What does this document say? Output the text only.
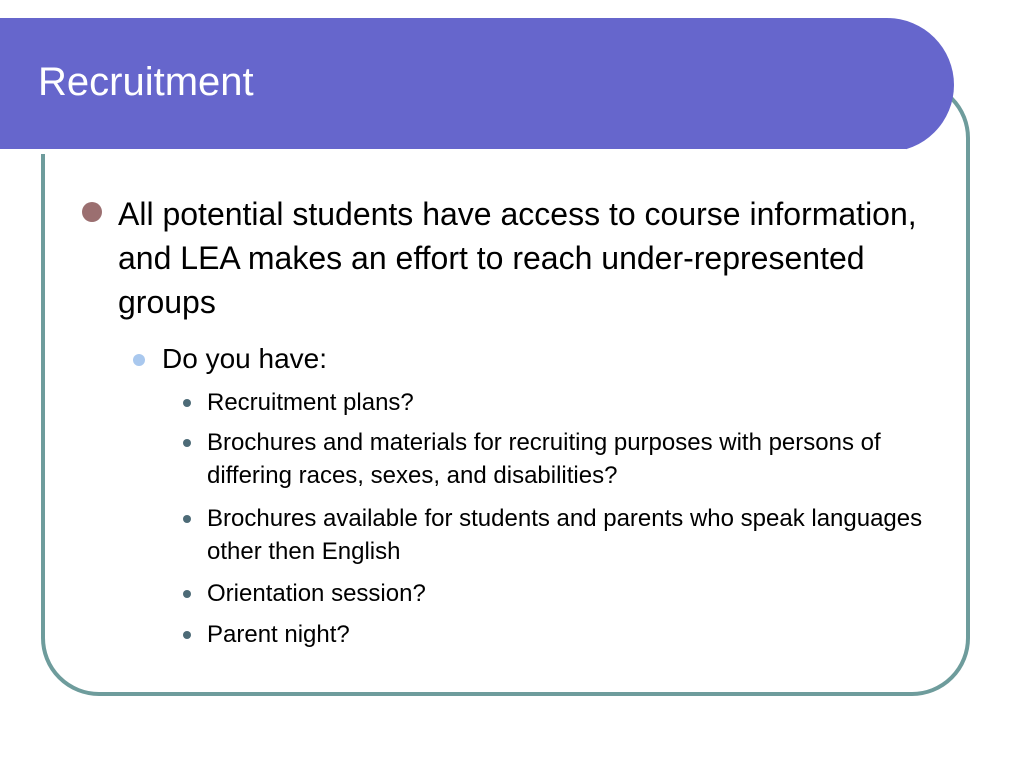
Recruitment
All potential students have access to course information, and LEA makes an effort to reach under-represented groups
Do you have:
Recruitment plans?
Brochures and materials for recruiting purposes with persons of differing races, sexes, and disabilities?
Brochures available for students and parents who speak languages other then English
Orientation session?
Parent night?
